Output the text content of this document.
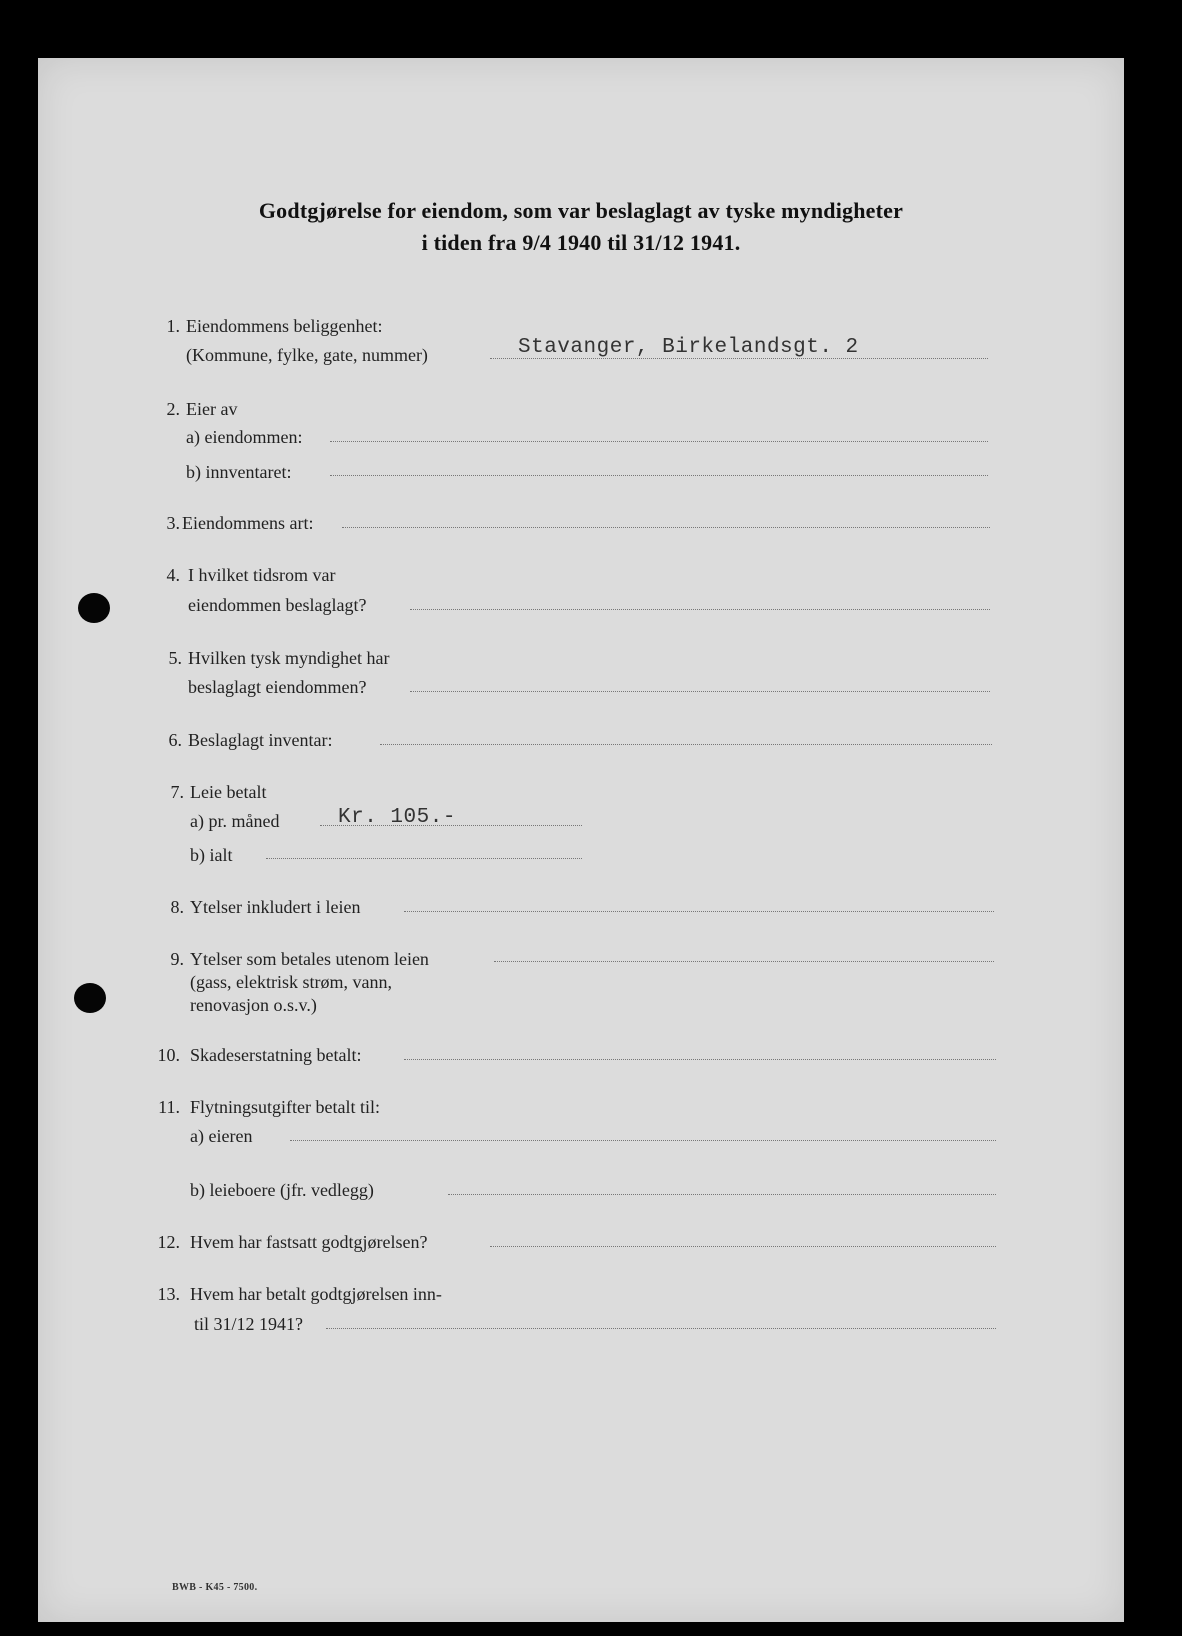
Godtgjørelse for eiendom, som var beslaglagt av tyske myndigheter
i tiden fra 9/4 1940 til 31/12 1941.
1. Eiendommens beliggenhet:
(Kommune, fylke, gate, nummer)	Stavanger, Birkelandsgt. 2
2. Eier av
a) eiendommen:
b) innventaret:
3. Eiendommens art:
4. I hvilket tidsrom var
eiendommen beslaglagt?
5. Hvilken tysk myndighet har
beslaglagt eiendommen?
6. Beslaglagt inventar:
7. Leie betalt
a) pr. måned	Kr. 105.-
b) ialt
8. Ytelser inkludert i leien
9. Ytelser som betales utenom leien
(gass, elektrisk strøm, vann,
renovasjon o.s.v.)
10. Skadeserstatning betalt:
11. Flytningsutgifter betalt til:
a) eieren
b) leieboere (jfr. vedlegg)
12. Hvem har fastsatt godtgjørelsen?
13. Hvem har betalt godtgjørelsen inn-
til 31/12 1941?
BWB - K45 - 7500.
